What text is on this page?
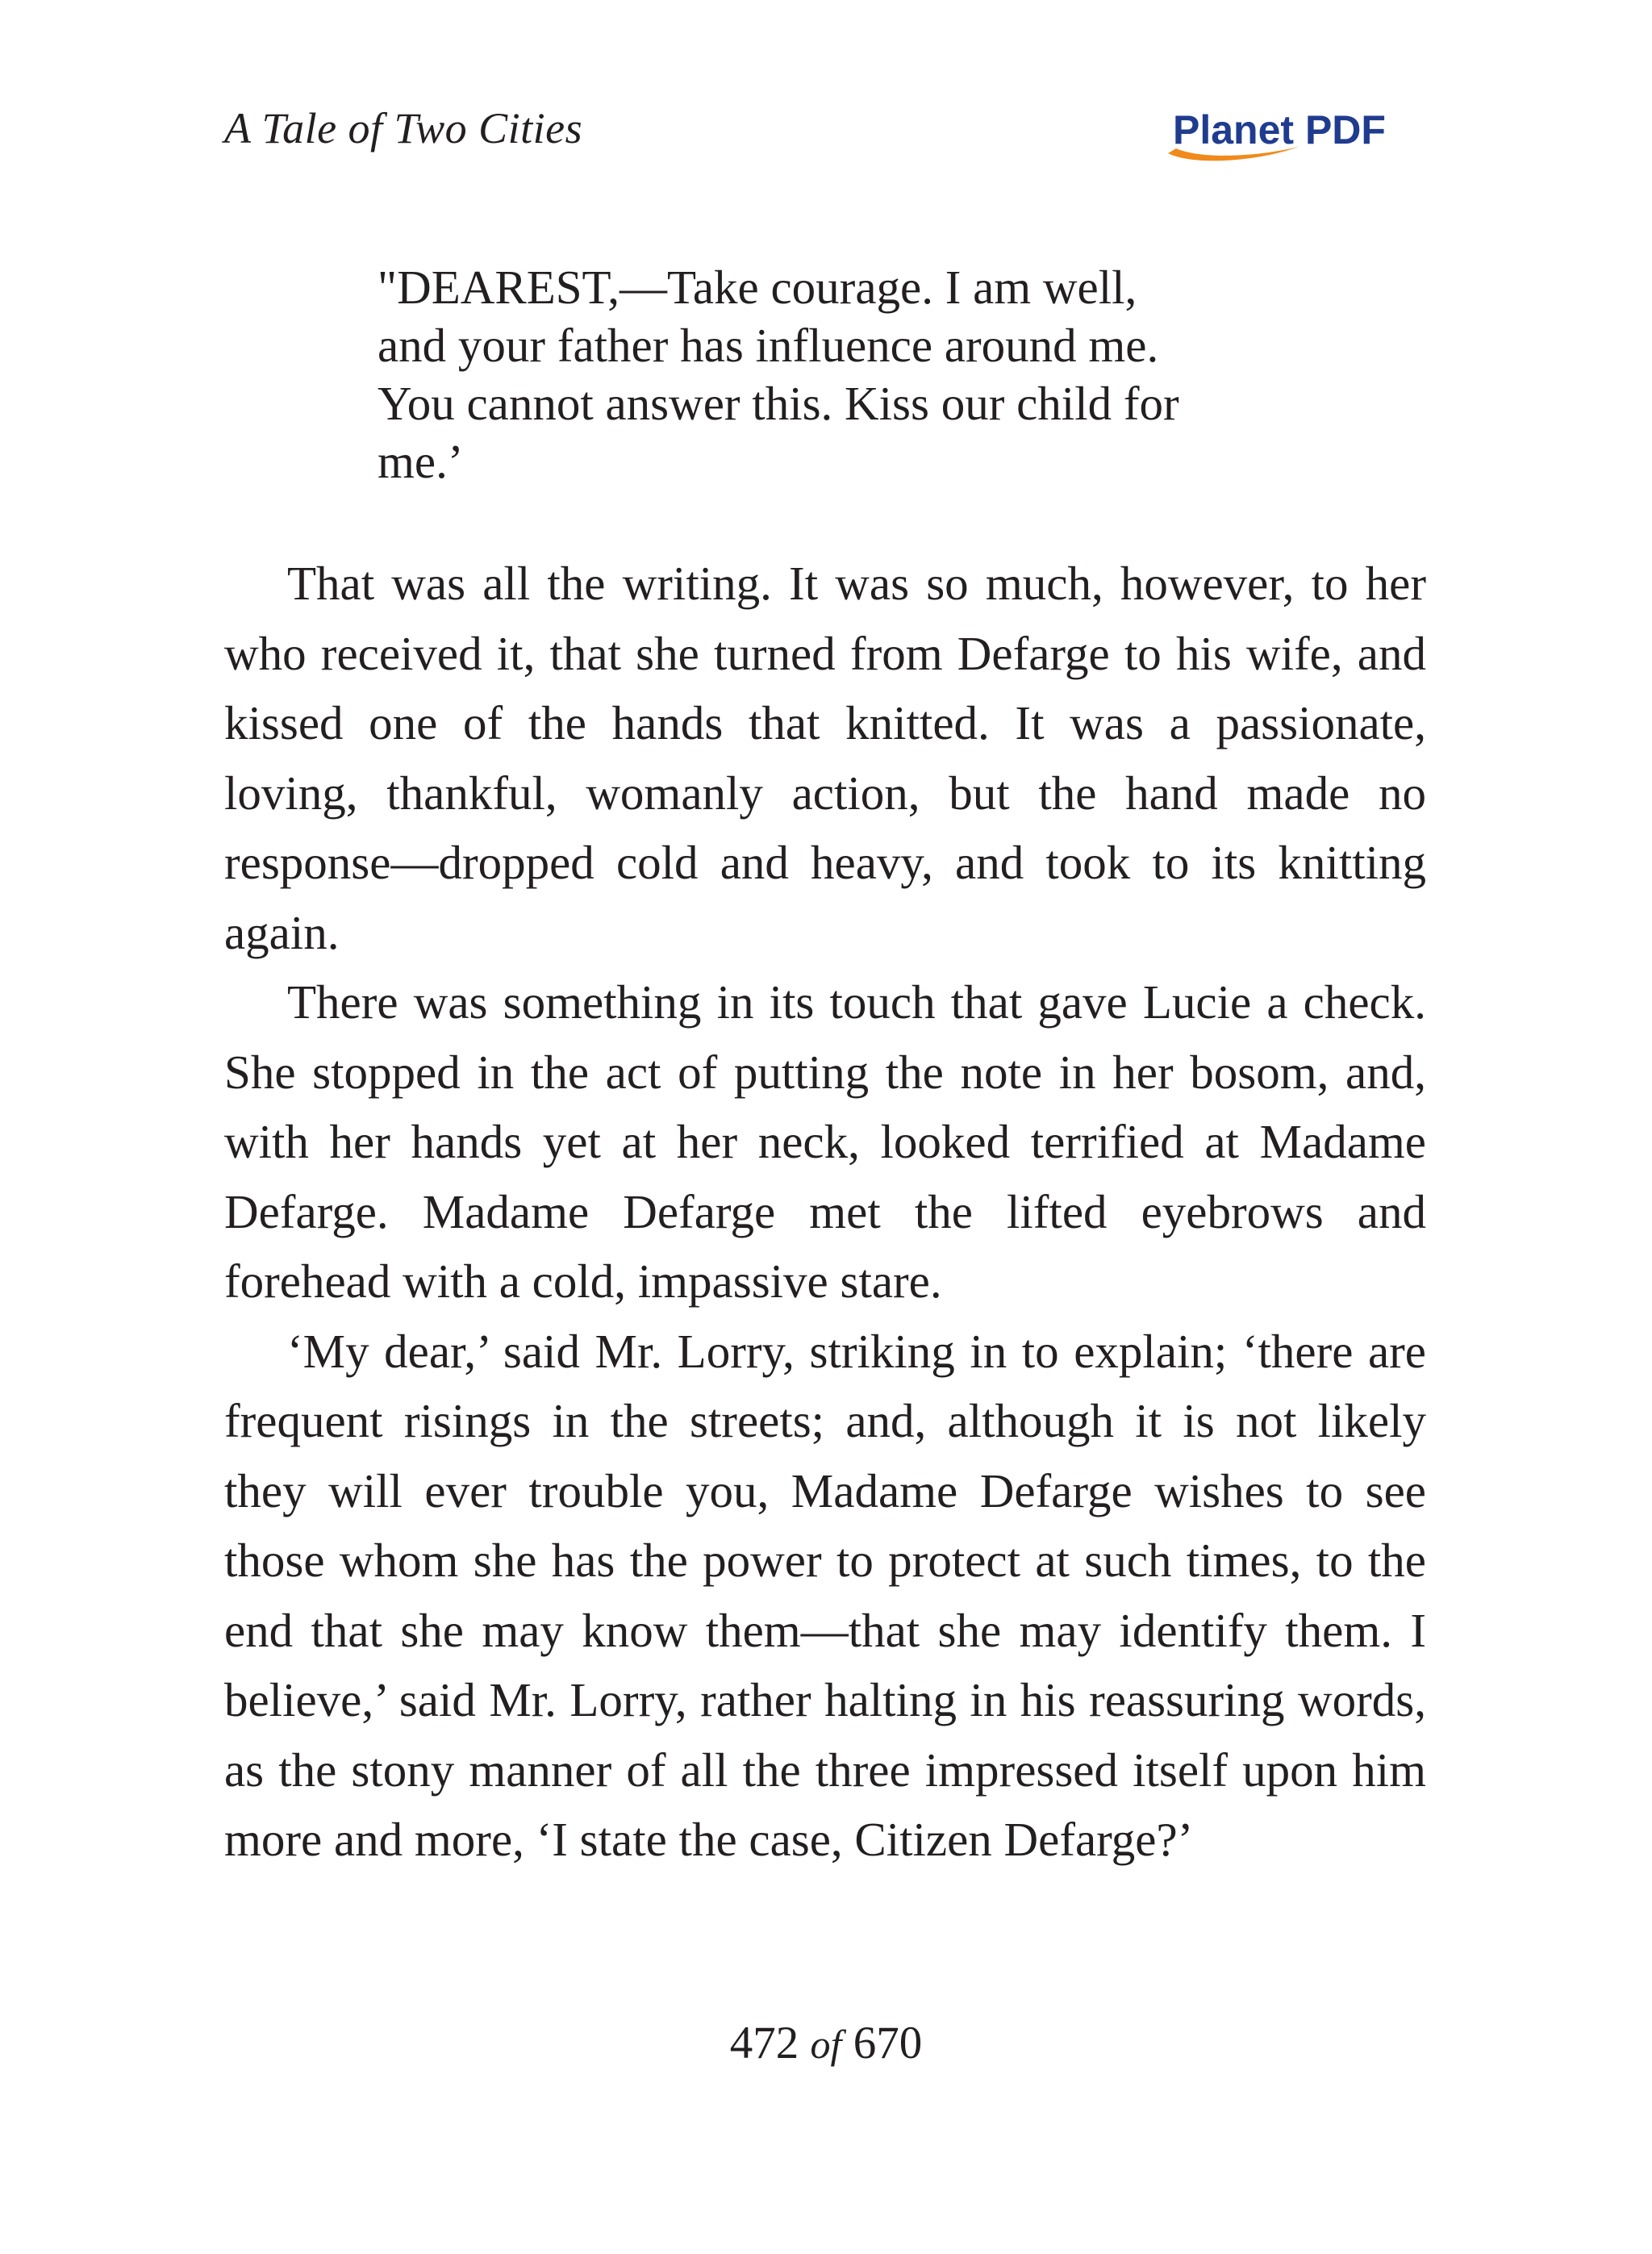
A Tale of Two Cities	Planet PDF
"DEAREST,—Take courage. I am well,
and your father has influence around me.
You cannot answer this. Kiss our child for
me.’

That was all the writing. It was so much, however, to her who received it, that she turned from Defarge to his wife, and kissed one of the hands that knitted. It was a passionate, loving, thankful, womanly action, but the hand made no response—dropped cold and heavy, and took to its knitting again.

There was something in its touch that gave Lucie a check. She stopped in the act of putting the note in her bosom, and, with her hands yet at her neck, looked terrified at Madame Defarge. Madame Defarge met the lifted eyebrows and forehead with a cold, impassive stare.

‘My dear,’ said Mr. Lorry, striking in to explain; ‘there are frequent risings in the streets; and, although it is not likely they will ever trouble you, Madame Defarge wishes to see those whom she has the power to protect at such times, to the end that she may know them—that she may identify them. I believe,’ said Mr. Lorry, rather halting in his reassuring words, as the stony manner of all the three impressed itself upon him more and more, ‘I state the case, Citizen Defarge?’

472 of 670
